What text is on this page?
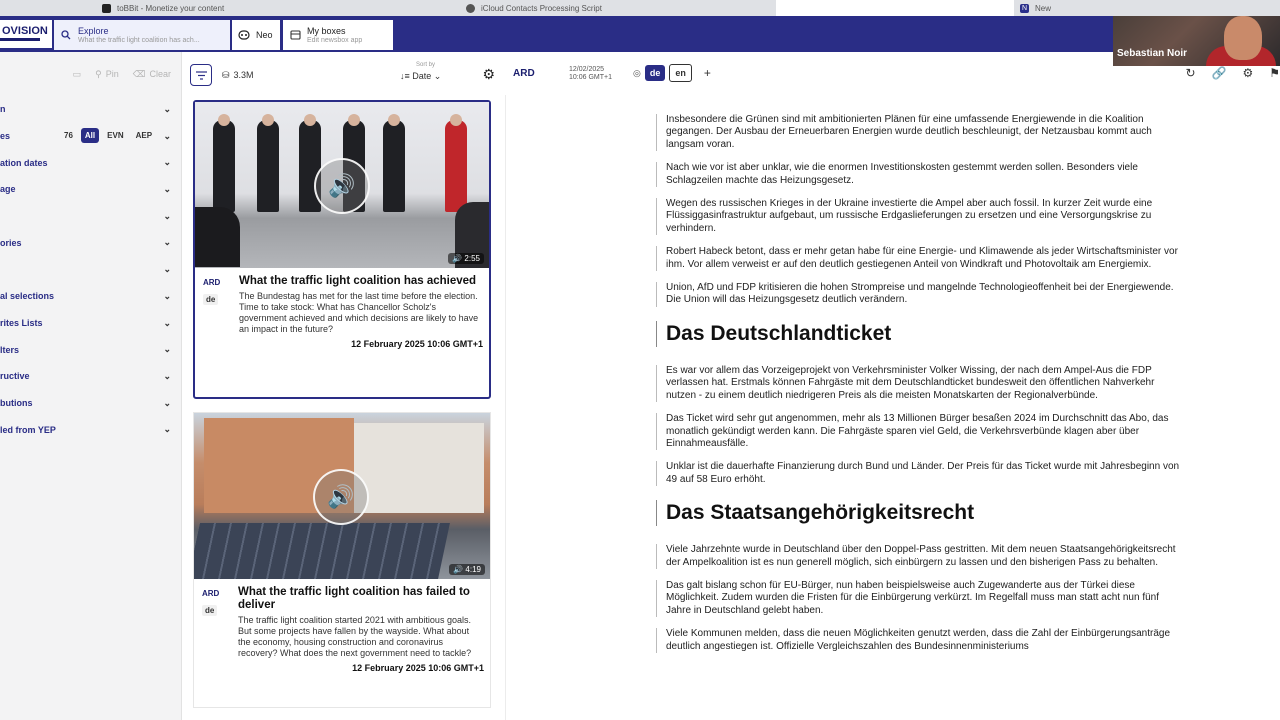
toBBit - Monetize your content	iCloud Contacts Processing Script	N New
OVISION	Explore
What the traffic light coalition has ach...	Neo	My boxes
Edit newsbox app
Sebastian Noir
▭ ⚲ Pin ⌫ Clear
n	⌄
es	76	All	EVN	AEP	⌄
ation dates	⌄
age	⌄
⌄
ories	⌄
⌄
al selections	⌄
rites Lists	⌄
lters	⌄
ructive	⌄
butions	⌄
led from YEP	⌄
⛁ 3.3M
Sort by
↓≡ Date ⌄	⚙
🔊
🔊 2:55
ARD
de
What the traffic light coalition has achieved
The Bundestag has met for the last time before the election. Time to take stock: What has Chancellor Scholz's government achieved and which decisions are likely to have an impact in the future?
12 February 2025 10:06 GMT+1
🔊
🔊 4:19
ARD
de
What the traffic light coalition has failed to deliver
The traffic light coalition started 2021 with ambitious goals. But some projects have fallen by the wayside. What about the economy, housing construction and coronavirus recovery? What does the next government need to tackle?
12 February 2025 10:06 GMT+1
ARD	12/02/2025
10:06 GMT+1 ◎	de	en	+	↻ 🔗 ⚙ ⚑

Insbesondere die Grünen sind mit ambitionierten Plänen für eine umfassende Energiewende in die Koalition gegangen. Der Ausbau der Erneuerbaren Energien wurde deutlich beschleunigt, der Netzausbau kommt auch langsam voran.

Nach wie vor ist aber unklar, wie die enormen Investitionskosten gestemmt werden sollen. Besonders viele Schlagzeilen machte das Heizungsgesetz.

Wegen des russischen Krieges in der Ukraine investierte die Ampel aber auch fossil. In kurzer Zeit wurde eine Flüssiggasinfrastruktur aufgebaut, um russische Erdgaslieferungen zu ersetzen und eine Versorgungskrise zu verhindern.

Robert Habeck betont, dass er mehr getan habe für eine Energie- und Klimawende als jeder Wirtschaftsminister vor ihm. Vor allem verweist er auf den deutlich gestiegenen Anteil von Windkraft und Photovoltaik am Energiemix.

Union, AfD und FDP kritisieren die hohen Strompreise und mangelnde Technologieoffenheit bei der Energiewende. Die Union will das Heizungsgesetz deutlich verändern.

Das Deutschlandticket

Es war vor allem das Vorzeigeprojekt von Verkehrsminister Volker Wissing, der nach dem Ampel-Aus die FDP verlassen hat. Erstmals können Fahrgäste mit dem Deutschlandticket bundesweit den öffentlichen Nahverkehr nutzen - zu einem deutlich niedrigeren Preis als die meisten Monatskarten der Regionalverbünde.

Das Ticket wird sehr gut angenommen, mehr als 13 Millionen Bürger besaßen 2024 im Durchschnitt das Abo, das monatlich gekündigt werden kann. Die Fahrgäste sparen viel Geld, die Verkehrsverbünde klagen aber über Einnahmeausfälle.

Unklar ist die dauerhafte Finanzierung durch Bund und Länder. Der Preis für das Ticket wurde mit Jahresbeginn von 49 auf 58 Euro erhöht.

Das Staatsangehörigkeitsrecht

Viele Jahrzehnte wurde in Deutschland über den Doppel-Pass gestritten. Mit dem neuen Staatsangehörigkeitsrecht der Ampelkoalition ist es nun generell möglich, sich einbürgern zu lassen und den bisherigen Pass zu behalten.

Das galt bislang schon für EU-Bürger, nun haben beispielsweise auch Zugewanderte aus der Türkei diese Möglichkeit. Zudem wurden die Fristen für die Einbürgerung verkürzt. Im Regelfall muss man statt acht nun fünf Jahre in Deutschland gelebt haben.

Viele Kommunen melden, dass die neuen Möglichkeiten genutzt werden, dass die Zahl der Einbürgerungsanträge deutlich angestiegen ist. Offizielle Vergleichszahlen des Bundesinnenministeriums
